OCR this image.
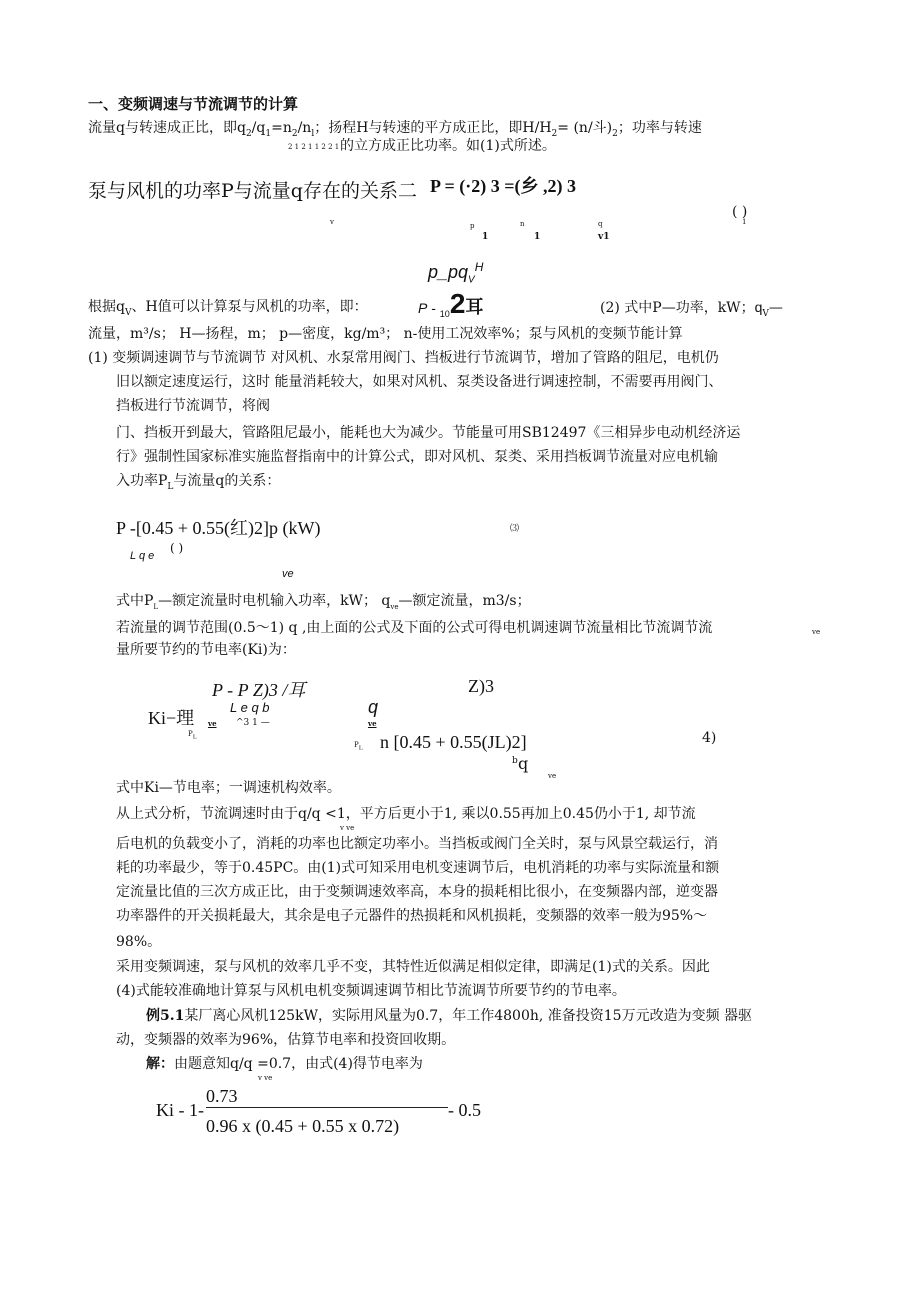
一、变频调速与节流调节的计算
流量q与转速成正比，即$q_2/q_1=n_2/n_l$；扬程H与转速的平方成正比，即$H/H_2= (n/$斗)$_2$；功率与转速
2 1 2 1 1 2 2 1 的立方成正比功率。如(1)式所述。
泵与风机的功率P与流量q存在的关系二 P = (·2) 3 =(乡 ,2) 3
( )
1
v	p	n	q
1	1	v1
$p\_pq_V^H$
根据$q_V$、H值可以计算泵与风机的功率，即：	P - $_{10}$2耳	(2) 式中P—功率，kW；$q_V—$
流量，m³/s； H—扬程，m； p—密度，kg/m³； n-使用工况效率%；泵与风机的变频节能计算
(1) 变频调速调节与节流调节 对风机、水泵常用阀门、挡板进行节流调节，增加了管路的阻尼，电机仍
旧以额定速度运行，这时 能量消耗较大，如果对风机、泵类设备进行调速控制，不需要再用阀门、
挡板进行节流调节，将阀
门、挡板开到最大，管路阻尼最小，能耗也大为减少。节能量可用SB12497《三相异步电动机经济运
行》强制性国家标准实施监督指南中的计算公式，即对风机、泵类、采用挡板调节流量对应电机输
入功率$P_L$与流量q的关系：
P -[0.45 + 0.55(红)2]p (kW)	⑶
L q e
( )
ve
式中$P_L—$额定流量时电机输入功率，kW； $q_{ve}—$额定流量，m3/s；
若流量的调节范围(0.5～1) q ,由上面的公式及下面的公式可得电机调速调节流量相比节流调节流	ve
量所要节约的节电率(Ki)为：
P - P Z)3 /耳	Z)3
Ki−理 ve
L e q b
^3 1 —
q
ve
$P_L$
$P_L$ n [0.45 + 0.55(JL)2]
b q
ve
4)
式中Ki—节电率；一调速机构效率。
从上式分析，节流调速时由于q/q <1，平方后更小于1, 乘以0.55再加上0.45仍小于1, 却节流
v ve
后电机的负载变小了，消耗的功率也比额定功率小。当挡板或阀门全关时，泵与风景空载运行，消
耗的功率最少，等于0.45PC。由(1)式可知采用电机变速调节后，电机消耗的功率与实际流量和额
定流量比值的三次方成正比，由于变频调速效率高，本身的损耗相比很小，在变频器内部，逆变器
功率器件的开关损耗最大，其余是电子元器件的热损耗和风机损耗，变频器的效率一般为95%～
98%。
采用变频调速，泵与风机的效率几乎不变，其特性近似满足相似定律，即满足(1)式的关系。因此
(4)式能较准确地计算泵与风机电机变频调速调节相比节流调节所要节约的节电率。
例5.1某厂离心风机125kW，实际用风量为0.7，年工作4800h, 准备投资15万元改造为变频 器驱
动，变频器的效率为96%，估算节电率和投资回收期。
解：由题意知q/q =0.7，由式(4)得节电率为
v ve
Ki - 1-
0.73
0.96 x (0.45 + 0.55 x 0.72)
- 0.5
